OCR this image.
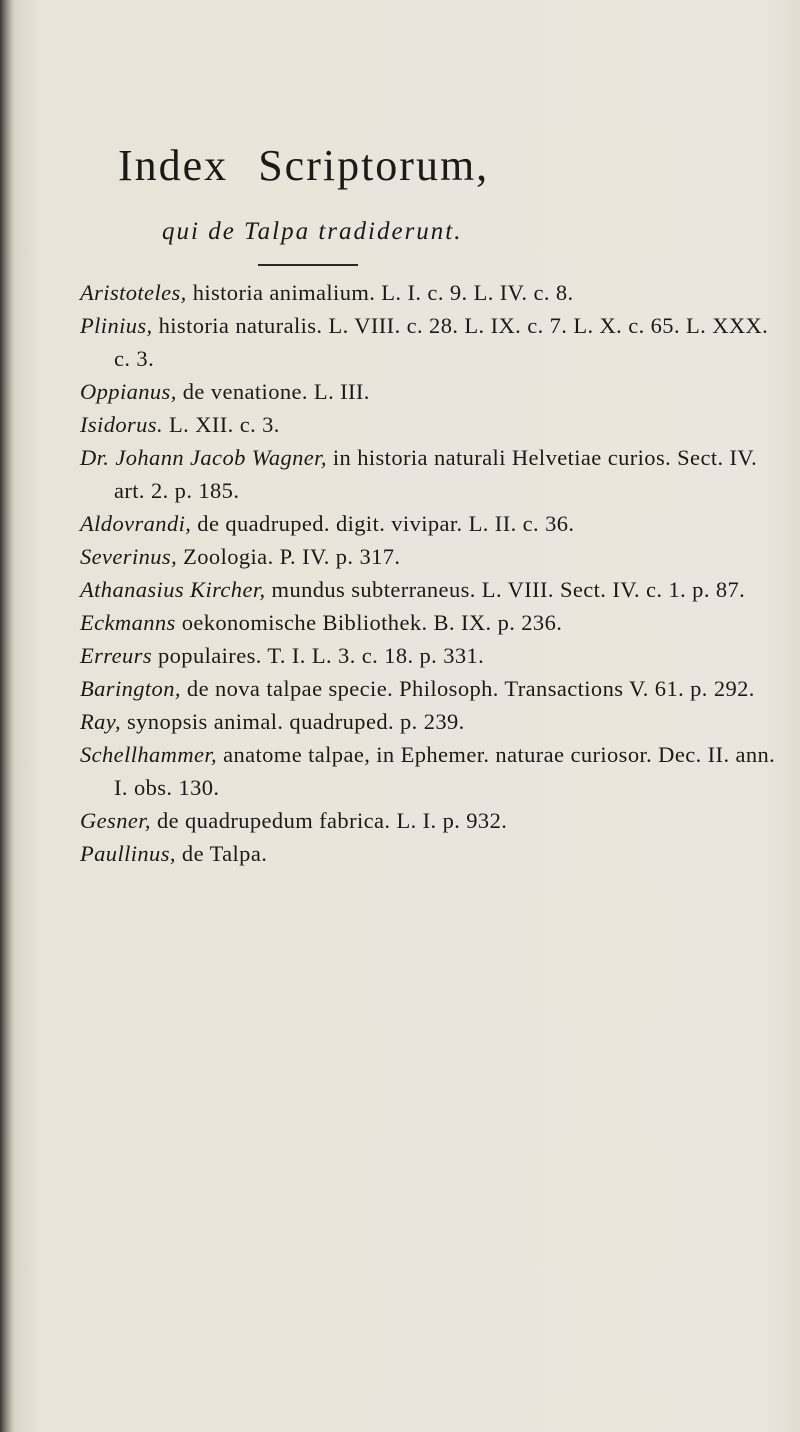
Index Scriptorum,
qui de Talpa tradiderunt.

Aristoteles, historia animalium. L. I. c. 9. L. IV. c. 8.

Plinius, historia naturalis. L. VIII. c. 28. L. IX. c. 7. L. X. c. 65. L. XXX. c. 3.

Oppianus, de venatione. L. III.

Isidorus. L. XII. c. 3.

Dr. Johann Jacob Wagner, in historia naturali Helvetiae curios. Sect. IV. art. 2. p. 185.

Aldovrandi, de quadruped. digit. vivipar. L. II. c. 36.

Severinus, Zoologia. P. IV. p. 317.

Athanasius Kircher, mundus subterraneus. L. VIII. Sect. IV. c. 1. p. 87.

Eckmanns oekonomische Bibliothek. B. IX. p. 236.

Erreurs populaires. T. I. L. 3. c. 18. p. 331.

Barington, de nova talpae specie. Philosoph. Transactions V. 61. p. 292.

Ray, synopsis animal. quadruped. p. 239.

Schellhammer, anatome talpae, in Ephemer. naturae curiosor. Dec. II. ann. I. obs. 130.

Gesner, de quadrupedum fabrica. L. I. p. 932.

Paullinus, de Talpa.
